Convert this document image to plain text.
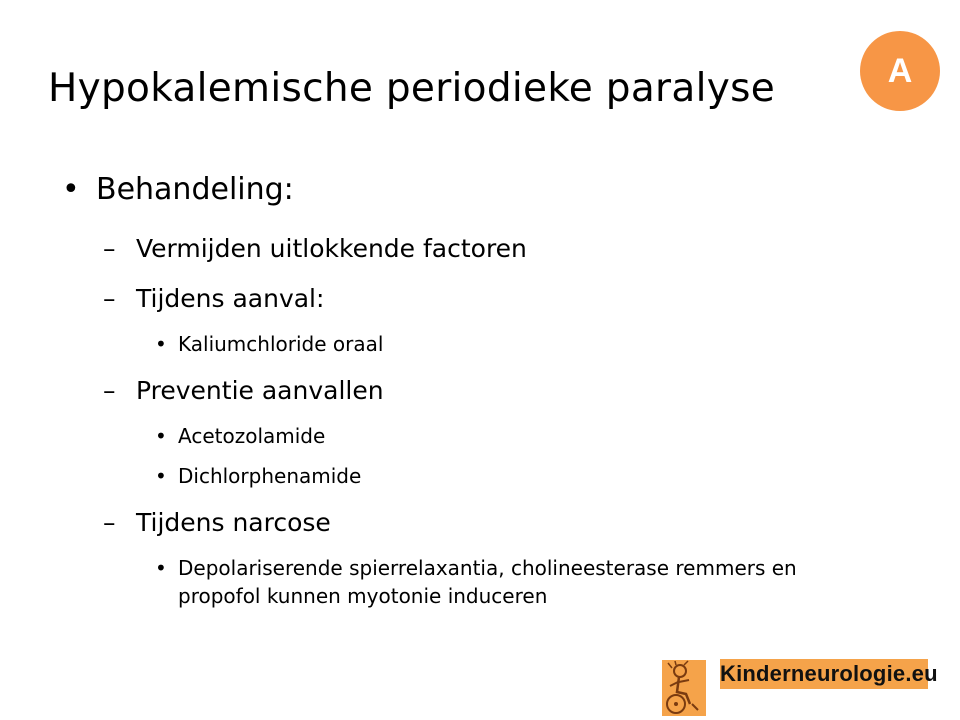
Hypokalemische periodieke paralyse	A
• Behandeling:
– Vermijden uitlokkende factoren
– Tijdens aanval:
• Kaliumchloride oraal
– Preventie aanvallen
• Acetozolamide
• Dichlorphenamide
– Tijdens narcose
• Depolariserende spierrelaxantia, cholineesterase remmers en propofol kunnen myotonie induceren
Kinderneurologie.eu
